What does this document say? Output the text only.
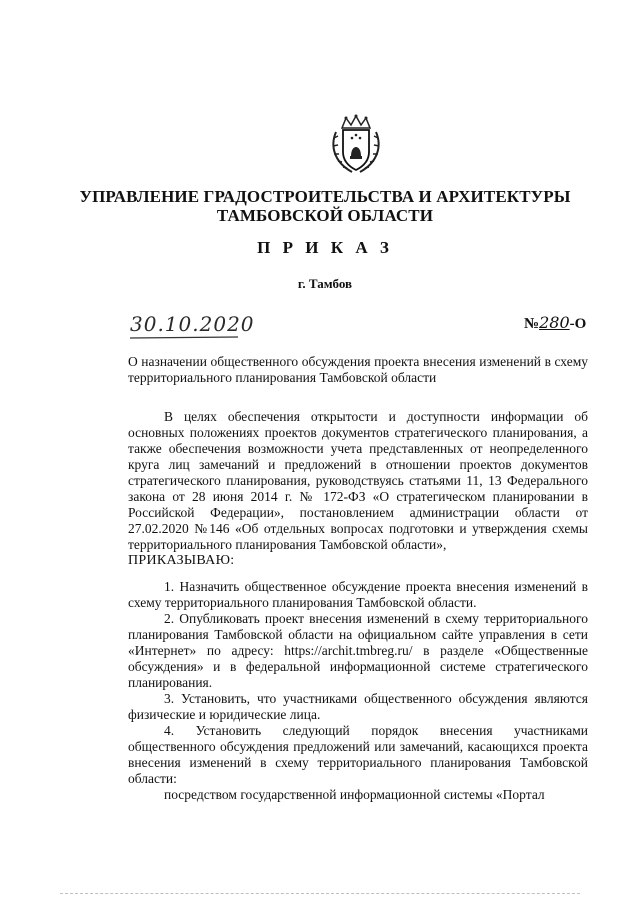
УПРАВЛЕНИЕ ГРАДОСТРОИТЕЛЬСТВА И АРХИТЕКТУРЫ
ТАМБОВСКОЙ ОБЛАСТИ
П Р И К А З
г. Тамбов
30.10.2020	№280-О
О назначении общественного обсуждения проекта внесения изменений в схему территориального планирования Тамбовской области

В целях обеспечения открытости и доступности информации об основных положениях проектов документов стратегического планирования, а также обеспечения возможности учета представленных от неопределенного круга лиц замечаний и предложений в отношении проектов документов стратегического планирования, руководствуясь статьями 11, 13 Федерального закона от 28 июня 2014 г. № 172-ФЗ «О стратегическом планировании в Российской Федерации», постановлением администрации области от 27.02.2020 №146 «Об отдельных вопросах подготовки и утверждения схемы территориального планирования Тамбовской области»,

ПРИКАЗЫВАЮ:

1. Назначить общественное обсуждение проекта внесения изменений в схему территориального планирования Тамбовской области.

2. Опубликовать проект внесения изменений в схему территориального планирования Тамбовской области на официальном сайте управления в сети «Интернет» по адресу: https://archit.tmbreg.ru/ в разделе «Общественные обсуждения» и в федеральной информационной системе стратегического планирования.

3. Установить, что участниками общественного обсуждения являются физические и юридические лица.

4. Установить следующий порядок внесения участниками общественного обсуждения предложений или замечаний, касающихся проекта внесения изменений в схему территориального планирования Тамбовской области:

посредством государственной информационной системы «Портал
